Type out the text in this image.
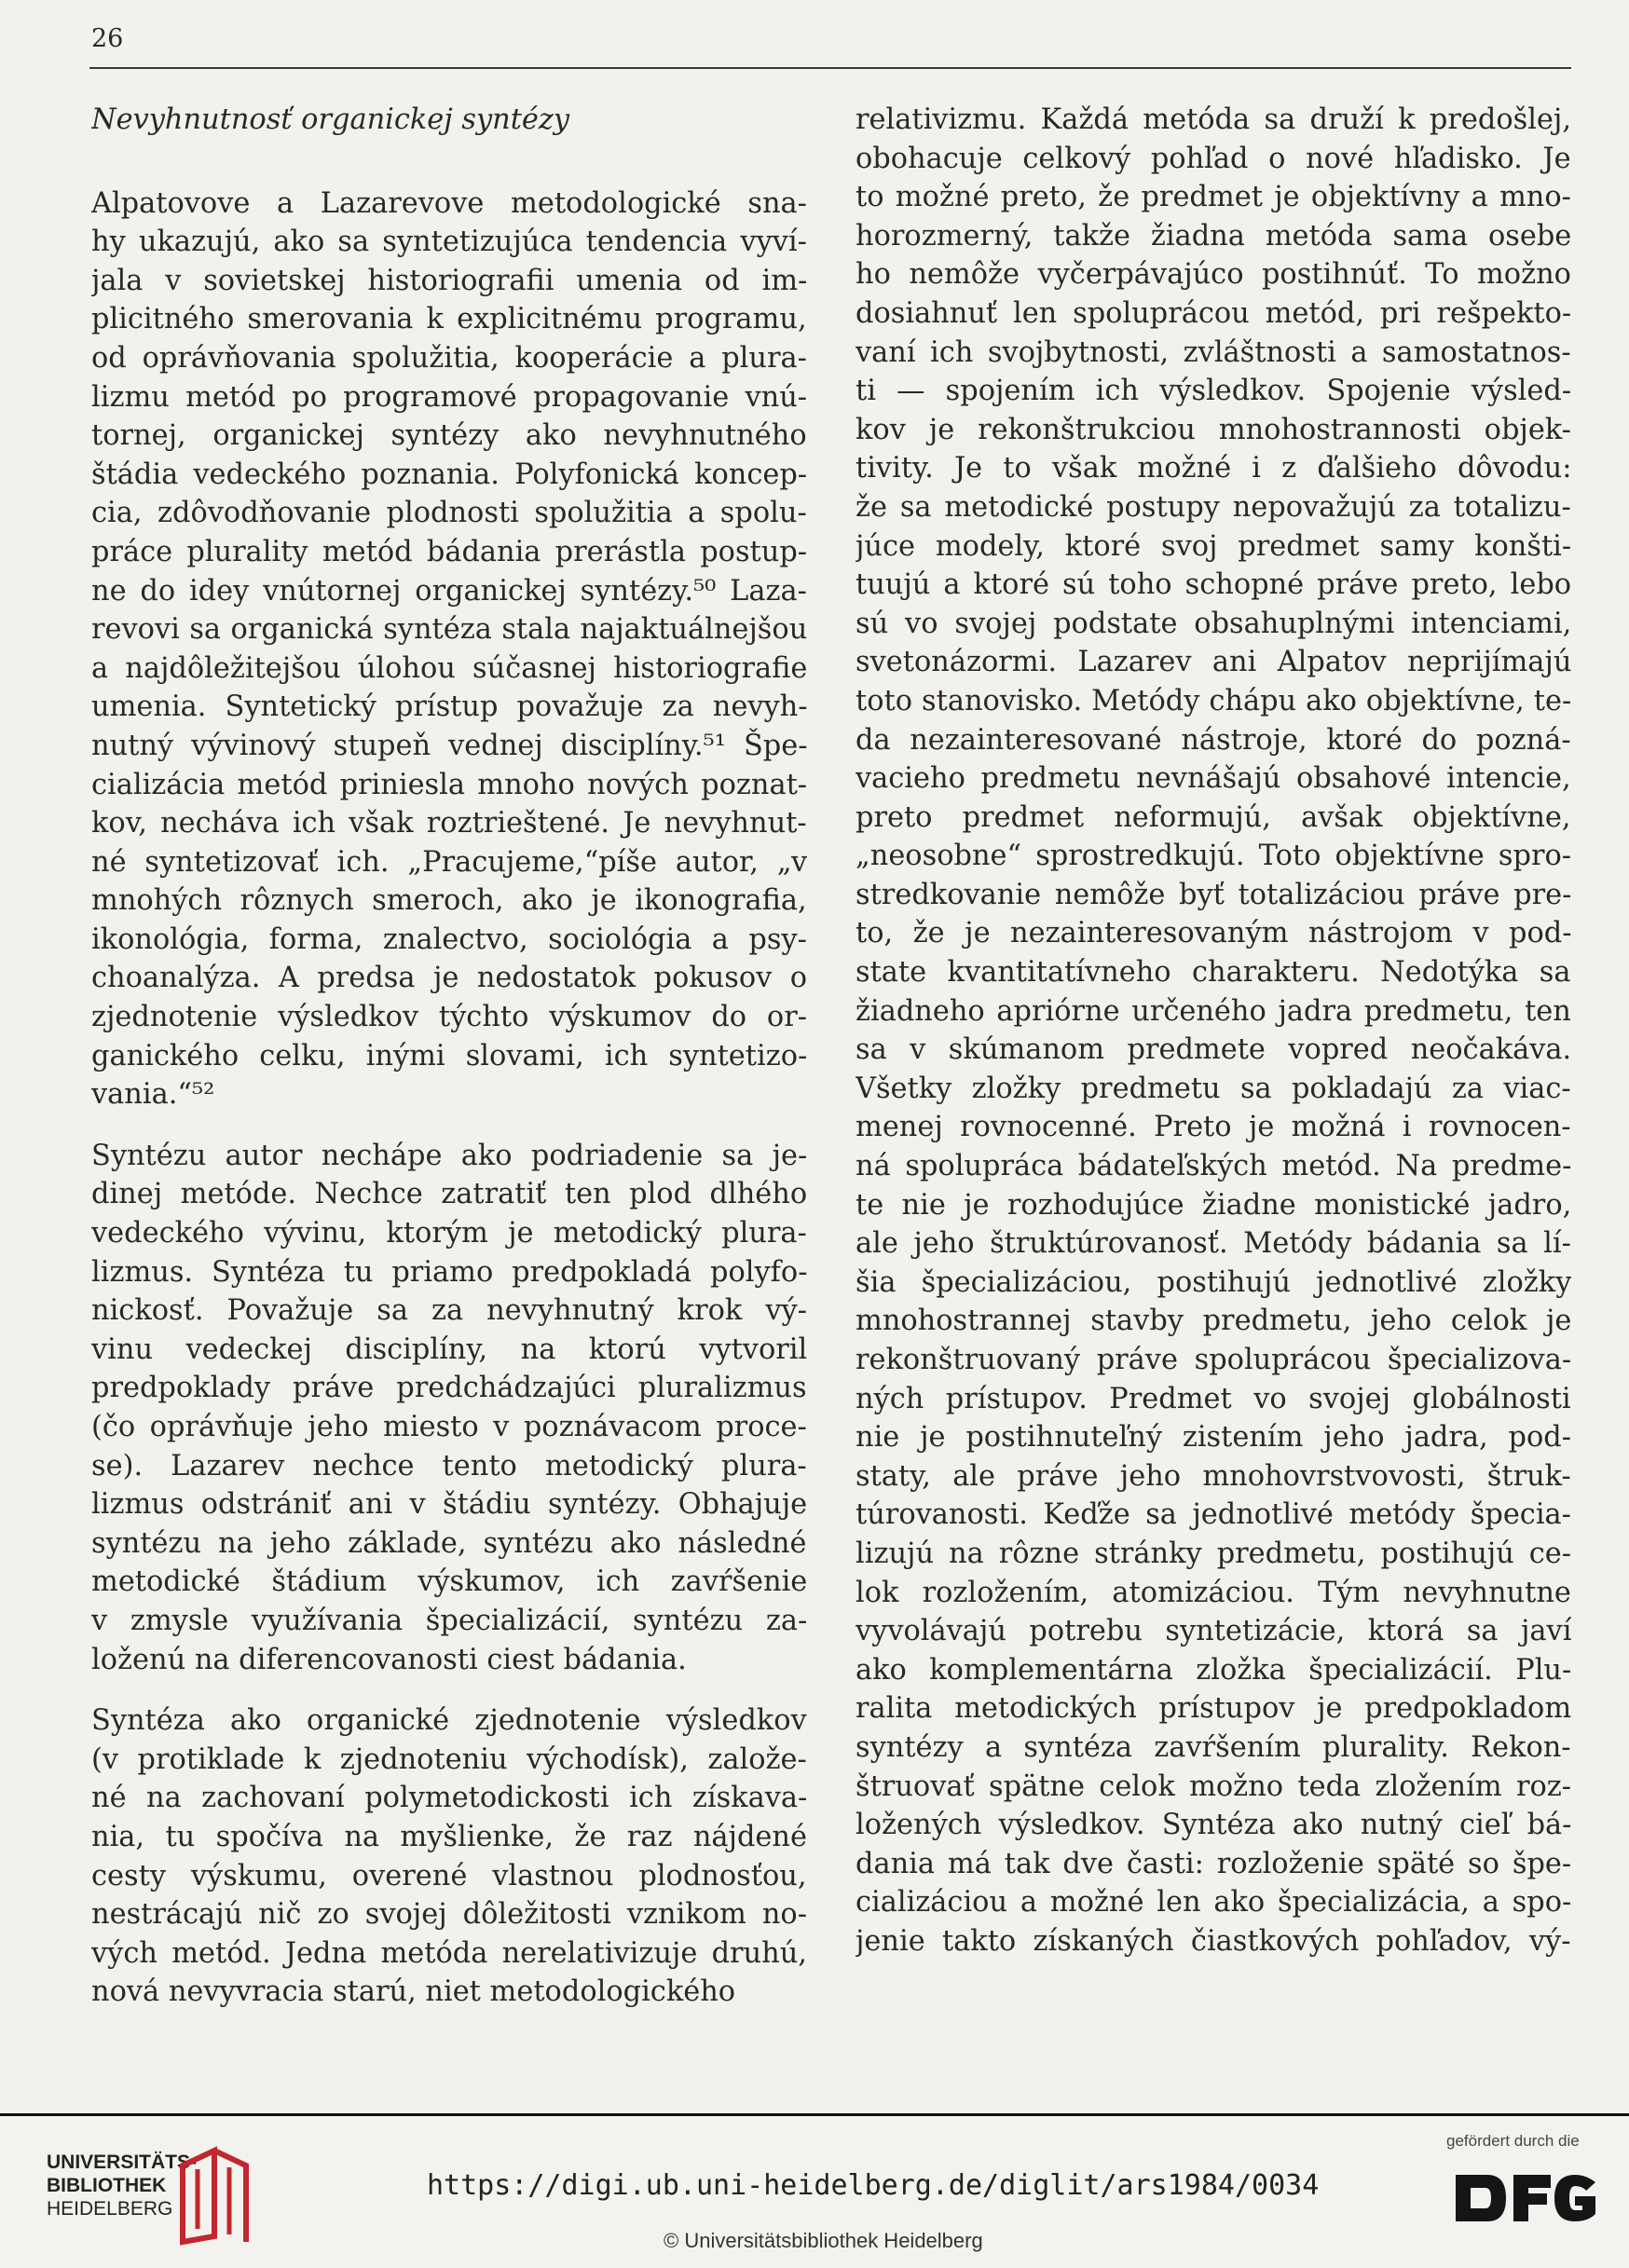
26
Nevyhnutnosť organickej syntézy
Alpatovove a Lazarevove metodologické sna-
hy ukazujú, ako sa syntetizujúca tendencia vyví-
jala v sovietskej historiografii umenia od im-
plicitného smerovania k explicitnému programu,
od oprávňovania spolužitia, kooperácie a plura-
lizmu metód po programové propagovanie vnú-
tornej, organickej syntézy ako nevyhnutného
štádia vedeckého poznania. Polyfonická koncep-
cia, zdôvodňovanie plodnosti spolužitia a spolu-
práce plurality metód bádania prerástla postup-
ne do idey vnútornej organickej syntézy.⁵⁰ Laza-
revovi sa organická syntéza stala najaktuálnejšou
a najdôležitejšou úlohou súčasnej historiografie
umenia. Syntetický prístup považuje za nevyh-
nutný vývinový stupeň vednej disciplíny.⁵¹ Špe-
cializácia metód priniesla mnoho nových poznat-
kov, necháva ich však roztrieštené. Je nevyhnut-
né syntetizovať ich. „Pracujeme,“píše autor, „v
mnohých rôznych smeroch, ako je ikonografia,
ikonológia, forma, znalectvo, sociológia a psy-
choanalýza. A predsa je nedostatok pokusov o
zjednotenie výsledkov týchto výskumov do or-
ganického celku, inými slovami, ich syntetizo-
vania.“⁵²
Syntézu autor nechápe ako podriadenie sa je-
dinej metóde. Nechce zatratiť ten plod dlhého
vedeckého vývinu, ktorým je metodický plura-
lizmus. Syntéza tu priamo predpokladá polyfo-
nickosť. Považuje sa za nevyhnutný krok vý-
vinu vedeckej disciplíny, na ktorú vytvoril
predpoklady práve predchádzajúci pluralizmus
(čo oprávňuje jeho miesto v poznávacom proce-
se). Lazarev nechce tento metodický plura-
lizmus odstrániť ani v štádiu syntézy. Obhajuje
syntézu na jeho základe, syntézu ako následné
metodické štádium výskumov, ich zavŕšenie
v zmysle využívania špecializácií, syntézu za-
loženú na diferencovanosti ciest bádania.
Syntéza ako organické zjednotenie výsledkov
(v protiklade k zjednoteniu východísk), založe-
né na zachovaní polymetodickosti ich získava-
nia, tu spočíva na myšlienke, že raz nájdené
cesty výskumu, overené vlastnou plodnosťou,
nestrácajú nič zo svojej dôležitosti vznikom no-
vých metód. Jedna metóda nerelativizuje druhú,
nová nevyvracia starú, niet metodologického
relativizmu. Každá metóda sa druží k predošlej,
obohacuje celkový pohľad o nové hľadisko. Je
to možné preto, že predmet je objektívny a mno-
horozmerný, takže žiadna metóda sama osebe
ho nemôže vyčerpávajúco postihnúť. To možno
dosiahnuť len spoluprácou metód, pri rešpekto-
vaní ich svojbytnosti, zvláštnosti a samostatnos-
ti — spojením ich výsledkov. Spojenie výsled-
kov je rekonštrukciou mnohostrannosti objek-
tivity. Je to však možné i z ďalšieho dôvodu:
že sa metodické postupy nepovažujú za totalizu-
júce modely, ktoré svoj predmet samy konšti-
tuujú a ktoré sú toho schopné práve preto, lebo
sú vo svojej podstate obsahuplnými intenciami,
svetonázormi. Lazarev ani Alpatov neprijímajú
toto stanovisko. Metódy chápu ako objektívne, te-
da nezainteresované nástroje, ktoré do pozná-
vacieho predmetu nevnášajú obsahové intencie,
preto predmet neformujú, avšak objektívne,
„neosobne“ sprostredkujú. Toto objektívne spro-
stredkovanie nemôže byť totalizáciou práve pre-
to, že je nezainteresovaným nástrojom v pod-
state kvantitatívneho charakteru. Nedotýka sa
žiadneho apriórne určeného jadra predmetu, ten
sa v skúmanom predmete vopred neočakáva.
Všetky zložky predmetu sa pokladajú za viac-
menej rovnocenné. Preto je možná i rovnocen-
ná spolupráca bádateľských metód. Na predme-
te nie je rozhodujúce žiadne monistické jadro,
ale jeho štruktúrovanosť. Metódy bádania sa lí-
šia špecializáciou, postihujú jednotlivé zložky
mnohostrannej stavby predmetu, jeho celok je
rekonštruovaný práve spoluprácou špecializova-
ných prístupov. Predmet vo svojej globálnosti
nie je postihnuteľný zistením jeho jadra, pod-
staty, ale práve jeho mnohovrstvovosti, štruk-
túrovanosti. Keďže sa jednotlivé metódy špecia-
lizujú na rôzne stránky predmetu, postihujú ce-
lok rozložením, atomizáciou. Tým nevyhnutne
vyvolávajú potrebu syntetizácie, ktorá sa javí
ako komplementárna zložka špecializácií. Plu-
ralita metodických prístupov je predpokladom
syntézy a syntéza zavŕšením plurality. Rekon-
štruovať spätne celok možno teda zložením roz-
ložených výsledkov. Syntéza ako nutný cieľ bá-
dania má tak dve časti: rozloženie späté so špe-
cializáciou a možné len ako špecializácia, a spo-
jenie takto získaných čiastkových pohľadov, vý-
UNIVERSITÄTS-
BIBLIOTHEK
HEIDELBERG
https://digi.ub.uni-heidelberg.de/diglit/ars1984/0034
© Universitätsbibliothek Heidelberg
gefördert durch die
